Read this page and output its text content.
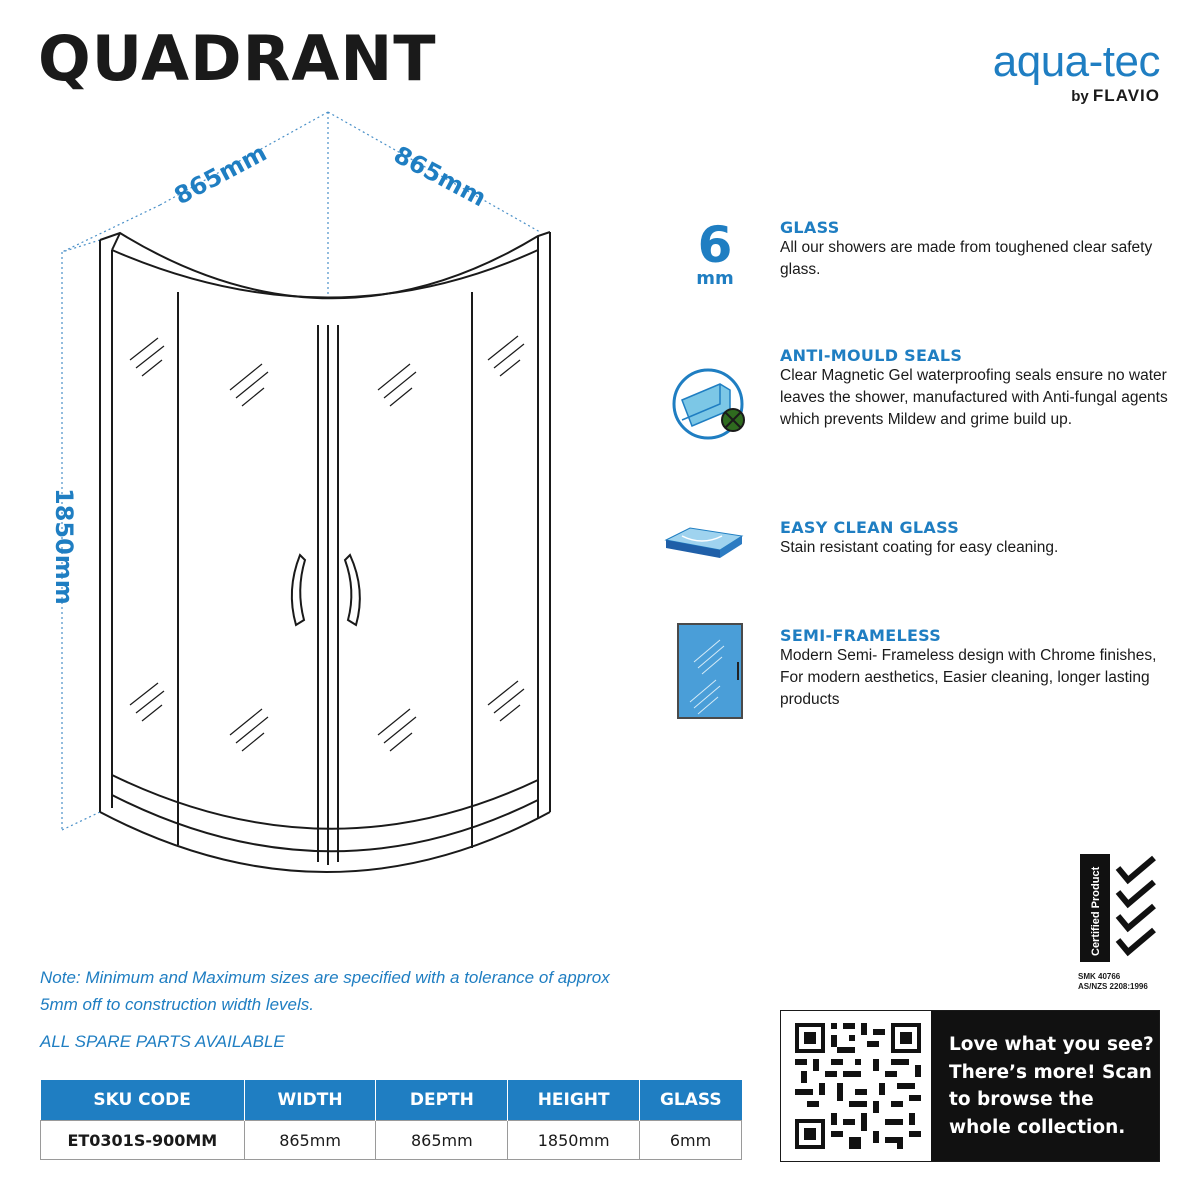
QUADRANT	aqua-tec
by FLAVIO
865mm	865mm
1850mm
6
mm
GLASS
All our showers are made from toughened clear safety glass.
ANTI-MOULD SEALS
Clear Magnetic Gel waterproofing seals ensure no water leaves the shower, manufactured with Anti-fungal agents which prevents Mildew and grime build up.
EASY CLEAN GLASS
Stain resistant coating for easy cleaning.
SEMI-FRAMELESS
Modern Semi- Frameless design with Chrome finishes, For modern aesthetics, Easier cleaning, longer lasting products
Certified Product
SMK 40766
AS/NZS 2208:1996
Note: Minimum and Maximum sizes are specified with a tolerance of approx 5mm off to construction width levels.
ALL SPARE PARTS AVAILABLE
SKU CODE	WIDTH	DEPTH	HEIGHT	GLASS
ET0301S-900MM	865mm	865mm	1850mm	6mm
Love what you see? There’s more! Scan to browse the whole collection.
